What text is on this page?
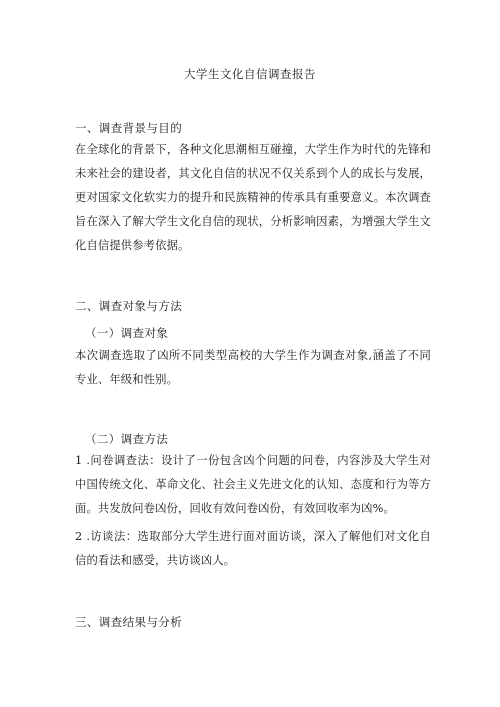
大学生文化自信调查报告
一、调查背景与目的
在全球化的背景下，各种文化思潮相互碰撞，大学生作为时代的先锋和未来社会的建设者，其文化自信的状况不仅关系到个人的成长与发展，更对国家文化软实力的提升和民族精神的传承具有重要意义。本次调查旨在深入了解大学生文化自信的现状，分析影响因素，为增强大学生文化自信提供参考依据。
二、调查对象与方法
（一）调查对象
本次调查选取了凶所不同类型高校的大学生作为调查对象,涵盖了不同专业、年级和性别。
（二）调查方法
1 .问卷调查法：设计了一份包含凶个问题的问卷，内容涉及大学生对中国传统文化、革命文化、社会主义先进文化的认知、态度和行为等方面。共发放问卷凶份，回收有效问卷凶份，有效回收率为凶%。
2 .访谈法：选取部分大学生进行面对面访谈，深入了解他们对文化自信的看法和感受，共访谈凶人。
三、调查结果与分析
